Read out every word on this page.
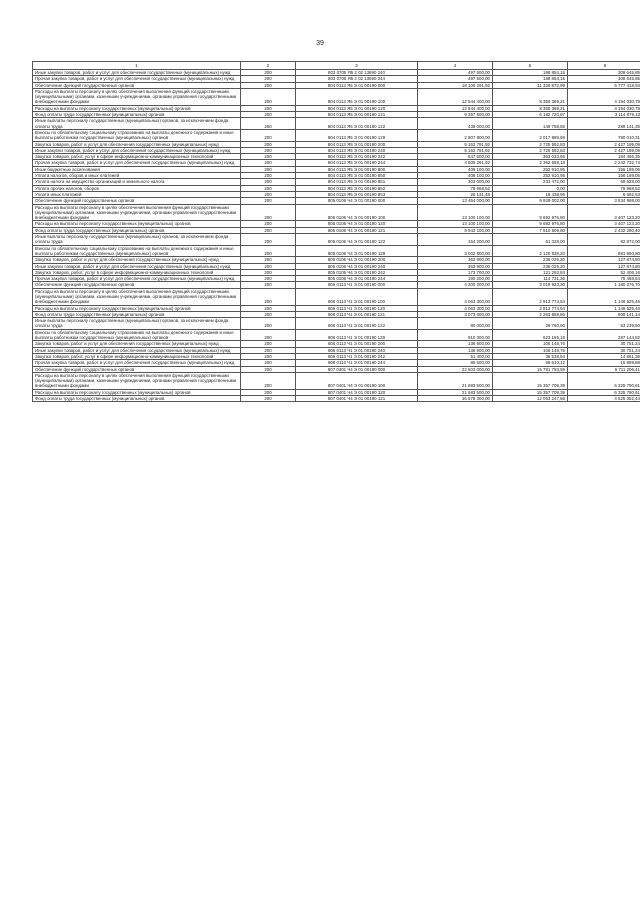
39
1	2	3	4	5	6
Иные закупки товаров, работ и услуг для обеспечения государственных (муниципальных) нужд	200	803 0705 Я5 2 02 13690 240	497 500,00	188 854,15	308 645,85
Прочая закупка товаров, работ и услуг для обеспечения государственных (муниципальных) нужд	200	803 0705 Я5 2 02 13690 244	497 500,00	188 854,15	308 645,85
Обеспечение функций государственных органов	200	804 0113 Я5 Э 01 00190 000	18 106 291,92	11 328 872,99	6 777 418,93
Расходы на выплаты персоналу в целях обеспечения выполнения функций государственными (муниципальными) органами, казенными учреждениями, органами управления государственными внебюджетными фондами	200	804 0113 Я5 Э 01 00190 100	12 544 400,00	8 350 369,21	4 194 030,79
Расходы на выплаты персоналу государственных (муниципальных) органов	200	804 0113 Я5 Э 01 00190 120	12 544 400,00	8 350 369,21	4 194 030,79
Фонд оплаты труда государственных (муниципальных) органов	200	804 0113 Я5 Э 01 00190 121	9 297 600,00	6 182 720,87	3 114 879,13
Иные выплаты персоналу государственных (муниципальных) органов, за исключением фонда оплаты труда	200	804 0113 Я5 Э 01 00190 122	439 000,00	149 758,65	289 141,35
Взносы по обязательному социальному страхованию на выплаты денежного содержания и иные выплаты работникам государственных (муниципальных) органов	200	804 0113 Я5 Э 01 00190 129	2 807 900,00	2 017 889,69	790 010,31
Закупка товаров, работ и услуг для обеспечения государственных (муниципальных) нужд	200	804 0113 Я5 Э 01 00190 200	5 152 791,92	2 725 592,83	2 427 199,09
Иные закупки товаров, работ и услуг для обеспечения государственных (муниципальных) нужд	200	804 0113 Я5 Э 01 00190 240	5 152 791,92	2 725 592,83	2 427 199,09
Закупка товаров, работ, услуг в сфере информационно-коммуникационных технологий	200	804 0113 Я5 Э 01 00190 242	547 500,00	363 033,65	184 466,35
Прочая закупка товаров, работ и услуг для обеспечения государственных (муниципальных) нужд	200	804 0113 Я5 Э 01 00190 244	4 605 291,92	2 362 558,18	2 242 732,74
Иные бюджетные ассигнования	200	804 0113 Я5 Э 01 00190 800	409 100,00	252 910,95	156 189,05
Уплата налогов, сборов и иных платежей	200	804 0113 Я5 Э 01 00190 850	409 100,00	252 910,95	156 189,05
Уплата налога на имущество организаций и земельного налога	200	804 0113 Я5 Э 01 00190 851	303 000,00	233 472,00	69 528,00
Уплата прочих налогов, сборов	200	804 0113 Я5 Э 01 00190 852	79 968,52	0,00	79 968,52
Уплата иных платежей	200	804 0113 Я5 Э 01 00190 853	26 131,48	19 438,95	6 692,53
Обеспечение функций государственных органов	200	805 0106 Ч4 Э 01 00190 000	13 464 000,00	9 929 002,00	3 534 998,00
Расходы на выплаты персоналу в целях обеспечения выполнения функций государственными (муниципальными) органами, казенными учреждениями, органами управления государственными внебюджетными фондами	200	805 0106 Ч4 Э 01 00190 100	13 100 100,00	9 692 976,80	3 407 123,20
Расходы на выплаты персоналу государственных (муниципальных) органов	200	805 0106 Ч4 Э 01 00190 120	13 100 100,00	9 692 976,80	3 407 123,20
Фонд оплаты труда государственных (муниципальных) органов	200	805 0106 Ч4 Э 01 00190 121	9 943 100,00	7 510 809,60	2 432 290,40
Иные выплаты персоналу государственных (муниципальных) органов, за исключением фонда оплаты труда	200	805 0106 Ч4 Э 01 00190 122	154 200,00	61 328,00	92 872,00
Взносы по обязательному социальному страхованию на выплаты денежного содержания и иные выплаты работникам государственных (муниципальных) органов	200	805 0106 Ч4 Э 01 00190 129	3 002 800,00	2 120 839,20	881 960,80
Закупка товаров, работ и услуг для обеспечения государственных (муниципальных) нужд	200	805 0106 Ч4 Э 01 00190 200	363 900,00	236 025,20	127 874,80
Иные закупки товаров, работ и услуг для обеспечения государственных (муниципальных) нужд	200	805 0106 Ч4 Э 01 00190 240	363 900,00	236 025,20	127 874,80
Закупка товаров, работ, услуг в сфере информационно-коммуникационных технологий	200	805 0106 Ч4 Э 01 00190 242	173 700,00	121 293,84	52 406,16
Прочая закупка товаров, работ и услуг для обеспечения государственных (муниципальных) нужд	200	805 0106 Ч4 Э 01 00190 244	190 200,00	114 731,36	75 468,64
Обеспечение функций государственных органов	200	806 0113 Ч1 Э 01 00190 000	4 200 200,00	3 019 923,30	1 180 276,70
Расходы на выплаты персоналу в целях обеспечения выполнения функций государственными (муниципальными) органами, казенными учреждениями, органами управления государственными внебюджетными фондами	200	806 0113 Ч1 Э 01 00190 100	4 063 300,00	2 913 774,54	1 149 525,46
Расходы на выплаты персоналу государственных (муниципальных) органов	200	806 0113 Ч1 Э 01 00190 120	4 063 300,00	2 913 774,54	1 149 525,46
Фонд оплаты труда государственных (муниципальных) органов	200	806 0113 Ч1 Э 01 00190 121	3 073 000,00	2 263 858,86	809 141,14
Иные выплаты персоналу государственных (муниципальных) органов, за исключением фонда оплаты труда	200	806 0113 Ч1 Э 01 00190 122	80 000,00	26 760,50	53 239,50
Взносы по обязательному социальному страхованию на выплаты денежного содержания и иные выплаты работникам государственных (муниципальных) органов	200	806 0113 Ч1 Э 01 00190 129	910 300,00	623 155,18	287 144,82
Закупка товаров, работ и услуг для обеспечения государственных (муниципальных) нужд	200	806 0113 Ч1 Э 01 00190 200	136 900,00	106 148,76	30 751,24
Иные закупки товаров, работ и услуг для обеспечения государственных (муниципальных) нужд	200	806 0113 Ч1 Э 01 00190 240	136 900,00	106 148,76	30 751,24
Закупка товаров, работ, услуг в сфере информационно-коммуникационных технологий	200	806 0113 Ч1 Э 01 00190 242	51 400,00	36 538,64	14 861,36
Прочая закупка товаров, работ и услуг для обеспечения государственных (муниципальных) нужд	200	806 0113 Ч1 Э 01 00190 244	85 500,00	69 610,12	15 889,88
Обеспечение функций государственных органов	200	807 0401 Ч4 Э 01 00190 000	22 503 000,00	15 791 793,59	6 711 206,41
Расходы на выплаты персоналу в целях обеспечения выполнения функций государственными (муниципальными) органами, казенными учреждениями, органами управления государственными внебюджетными фондами	200	807 0401 Ч4 Э 01 00190 100	21 683 500,00	15 357 709,39	6 325 790,61
Расходы на выплаты персоналу государственных (муниципальных) органов	200	807 0401 Ч4 Э 01 00190 120	21 683 500,00	15 357 709,39	6 325 790,61
Фонд оплаты труда государственных (муниципальных) органов	200	807 0401 Ч4 Э 01 00190 121	16 578 300,00	12 053 247,56	4 525 052,44
